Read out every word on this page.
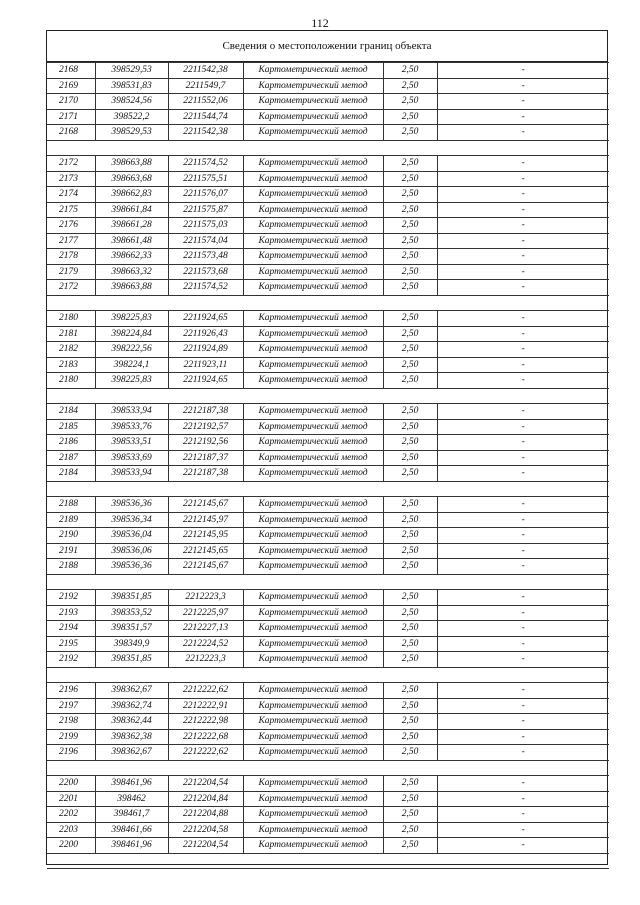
112
Сведения о местоположении границ объекта
2168	398529,53	2211542,38	Картометрический метод	2,50	-
2169	398531,83	2211549,7	Картометрический метод	2,50	-
2170	398524,56	2211552,06	Картометрический метод	2,50	-
2171	398522,2	2211544,74	Картометрический метод	2,50	-
2168	398529,53	2211542,38	Картометрический метод	2,50	-

2172	398663,88	2211574,52	Картометрический метод	2,50	-
2173	398663,68	2211575,51	Картометрический метод	2,50	-
2174	398662,83	2211576,07	Картометрический метод	2,50	-
2175	398661,84	2211575,87	Картометрический метод	2,50	-
2176	398661,28	2211575,03	Картометрический метод	2,50	-
2177	398661,48	2211574,04	Картометрический метод	2,50	-
2178	398662,33	2211573,48	Картометрический метод	2,50	-
2179	398663,32	2211573,68	Картометрический метод	2,50	-
2172	398663,88	2211574,52	Картометрический метод	2,50	-

2180	398225,83	2211924,65	Картометрический метод	2,50	-
2181	398224,84	2211926,43	Картометрический метод	2,50	-
2182	398222,56	2211924,89	Картометрический метод	2,50	-
2183	398224,1	2211923,11	Картометрический метод	2,50	-
2180	398225,83	2211924,65	Картометрический метод	2,50	-

2184	398533,94	2212187,38	Картометрический метод	2,50	-
2185	398533,76	2212192,57	Картометрический метод	2,50	-
2186	398533,51	2212192,56	Картометрический метод	2,50	-
2187	398533,69	2212187,37	Картометрический метод	2,50	-
2184	398533,94	2212187,38	Картометрический метод	2,50	-

2188	398536,36	2212145,67	Картометрический метод	2,50	-
2189	398536,34	2212145,97	Картометрический метод	2,50	-
2190	398536,04	2212145,95	Картометрический метод	2,50	-
2191	398536,06	2212145,65	Картометрический метод	2,50	-
2188	398536,36	2212145,67	Картометрический метод	2,50	-

2192	398351,85	2212223,3	Картометрический метод	2,50	-
2193	398353,52	2212225,97	Картометрический метод	2,50	-
2194	398351,57	2212227,13	Картометрический метод	2,50	-
2195	398349,9	2212224,52	Картометрический метод	2,50	-
2192	398351,85	2212223,3	Картометрический метод	2,50	-

2196	398362,67	2212222,62	Картометрический метод	2,50	-
2197	398362,74	2212222,91	Картометрический метод	2,50	-
2198	398362,44	2212222,98	Картометрический метод	2,50	-
2199	398362,38	2212222,68	Картометрический метод	2,50	-
2196	398362,67	2212222,62	Картометрический метод	2,50	-

2200	398461,96	2212204,54	Картометрический метод	2,50	-
2201	398462	2212204,84	Картометрический метод	2,50	-
2202	398461,7	2212204,88	Картометрический метод	2,50	-
2203	398461,66	2212204,58	Картометрический метод	2,50	-
2200	398461,96	2212204,54	Картометрический метод	2,50	-
